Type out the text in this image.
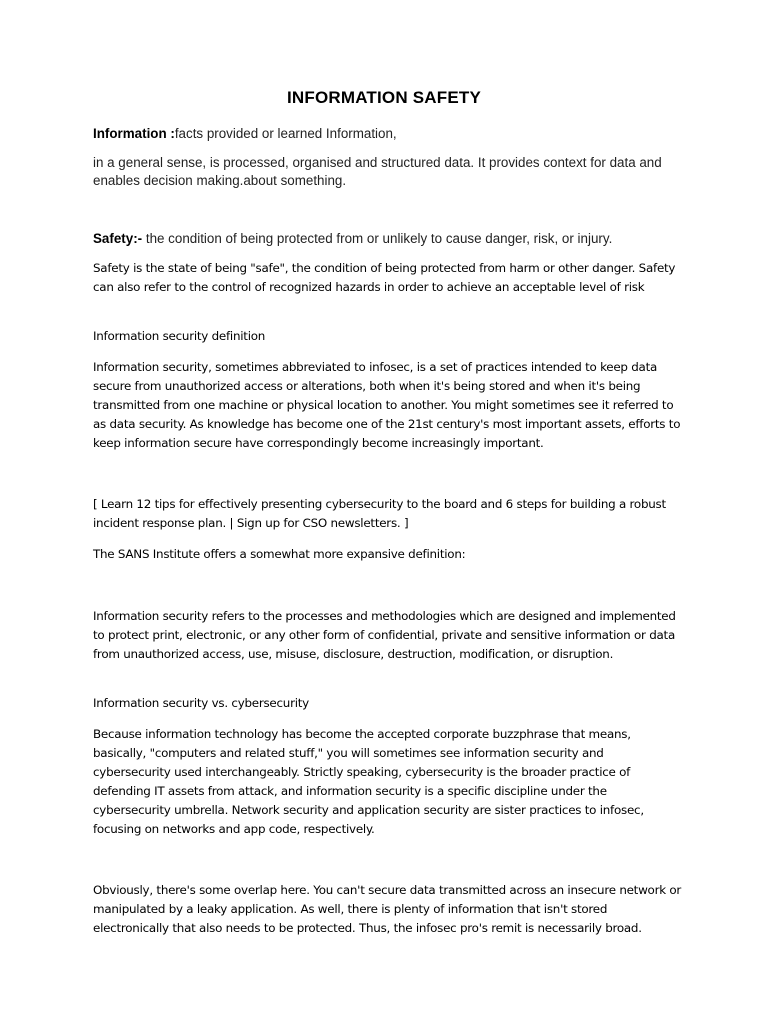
INFORMATION SAFETY

Information :facts provided or learned Information,

in a general sense, is processed, organised and structured data. It provides context for data and enables decision making.about something.

Safety:- the condition of being protected from or unlikely to cause danger, risk, or injury.

Safety is the state of being "safe", the condition of being protected from harm or other danger. Safety can also refer to the control of recognized hazards in order to achieve an acceptable level of risk

Information security definition

Information security, sometimes abbreviated to infosec, is a set of practices intended to keep data secure from unauthorized access or alterations, both when it's being stored and when it's being transmitted from one machine or physical location to another. You might sometimes see it referred to as data security. As knowledge has become one of the 21st century's most important assets, efforts to keep information secure have correspondingly become increasingly important.

[ Learn 12 tips for effectively presenting cybersecurity to the board and 6 steps for building a robust incident response plan. | Sign up for CSO newsletters. ]

The SANS Institute offers a somewhat more expansive definition:

Information security refers to the processes and methodologies which are designed and implemented to protect print, electronic, or any other form of confidential, private and sensitive information or data from unauthorized access, use, misuse, disclosure, destruction, modification, or disruption.

Information security vs. cybersecurity

Because information technology has become the accepted corporate buzzphrase that means, basically, "computers and related stuff," you will sometimes see information security and cybersecurity used interchangeably. Strictly speaking, cybersecurity is the broader practice of defending IT assets from attack, and information security is a specific discipline under the cybersecurity umbrella. Network security and application security are sister practices to infosec, focusing on networks and app code, respectively.

Obviously, there's some overlap here. You can't secure data transmitted across an insecure network or manipulated by a leaky application. As well, there is plenty of information that isn't stored electronically that also needs to be protected. Thus, the infosec pro's remit is necessarily broad.
